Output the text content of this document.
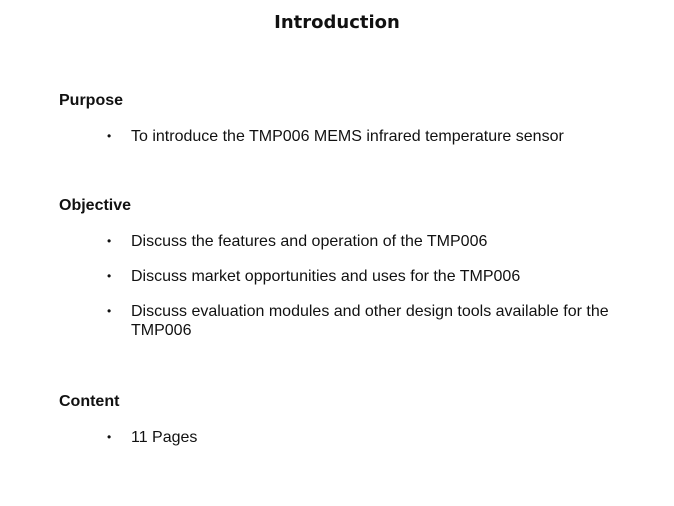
Introduction
Purpose
• To introduce the TMP006 MEMS infrared temperature sensor
Objective
• Discuss the features and operation of the TMP006
• Discuss market opportunities and uses for the TMP006
• Discuss evaluation modules and other design tools available for the TMP006
Content
• 11 Pages
